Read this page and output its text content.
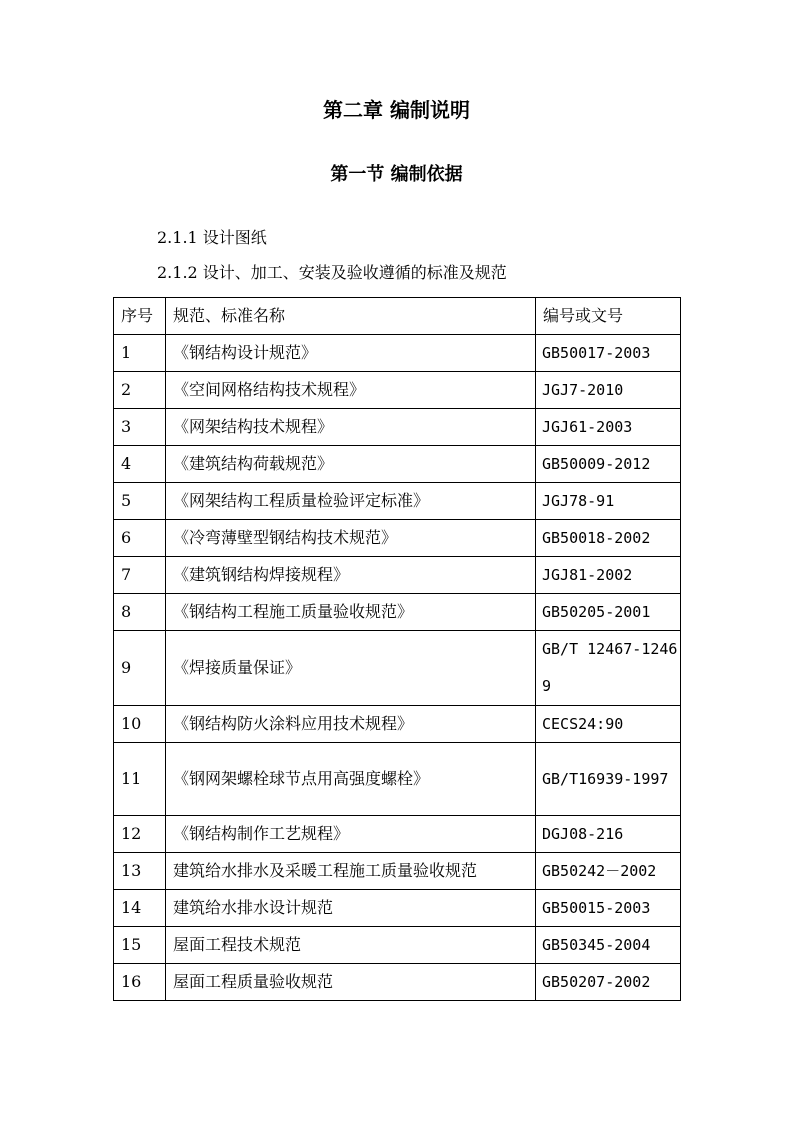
第二章 编制说明
第一节 编制依据
2.1.1 设计图纸
2.1.2 设计、加工、安装及验收遵循的标准及规范
序号	规范、标准名称	编号或文号
1	《钢结构设计规范》	GB50017-2003
2	《空间网格结构技术规程》	JGJ7-2010
3	《网架结构技术规程》	JGJ61-2003
4	《建筑结构荷载规范》	GB50009-2012
5	《网架结构工程质量检验评定标准》	JGJ78-91
6	《冷弯薄壁型钢结构技术规范》	GB50018-2002
7	《建筑钢结构焊接规程》	JGJ81-2002
8	《钢结构工程施工质量验收规范》	GB50205-2001
9	《焊接质量保证》	GB/T 12467-12469
10	《钢结构防火涂料应用技术规程》	CECS24:90
11	《钢网架螺栓球节点用高强度螺栓》	GB/T16939-1997
12	《钢结构制作工艺规程》	DGJ08-216
13	建筑给水排水及采暖工程施工质量验收规范	GB50242－2002
14	建筑给水排水设计规范	GB50015-2003
15	屋面工程技术规范	GB50345-2004
16	屋面工程质量验收规范	GB50207-2002
